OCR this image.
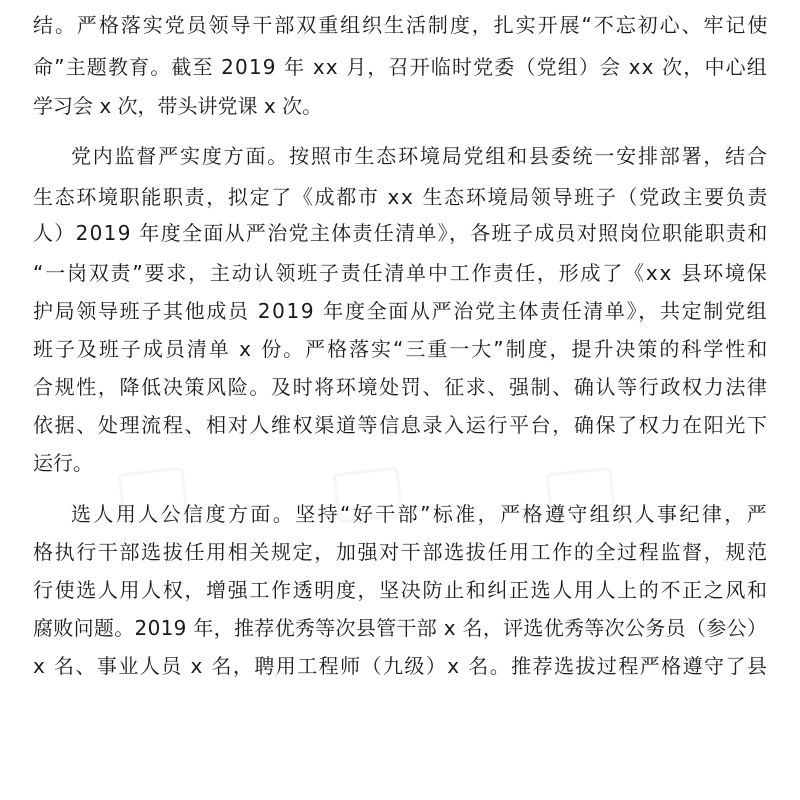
结。严格落实党员领导干部双重组织生活制度，扎实开展“不忘初心、牢记使
命”主题教育。截至 2019 年 xx 月，召开临时党委（党组）会 xx 次，中心组
学习会 x 次，带头讲党课 x 次。
党内监督严实度方面。按照市生态环境局党组和县委统一安排部署，结合
生态环境职能职责，拟定了《成都市 xx 生态环境局领导班子（党政主要负责
人）2019 年度全面从严治党主体责任清单》，各班子成员对照岗位职能职责和
“一岗双责”要求，主动认领班子责任清单中工作责任，形成了《xx 县环境保
护局领导班子其他成员 2019 年度全面从严治党主体责任清单》，共定制党组
班子及班子成员清单 x 份。严格落实“三重一大”制度，提升决策的科学性和
合规性，降低决策风险。及时将环境处罚、征求、强制、确认等行政权力法律
依据、处理流程、相对人维权渠道等信息录入运行平台，确保了权力在阳光下
运行。
选人用人公信度方面。坚持“好干部”标准，严格遵守组织人事纪律，严
格执行干部选拔任用相关规定，加强对干部选拔任用工作的全过程监督，规范
行使选人用人权，增强工作透明度，坚决防止和纠正选人用人上的不正之风和
腐败问题。2019 年，推荐优秀等次县管干部 x 名，评选优秀等次公务员（参公）
x 名、事业人员 x 名，聘用工程师（九级）x 名。推荐选拔过程严格遵守了县
